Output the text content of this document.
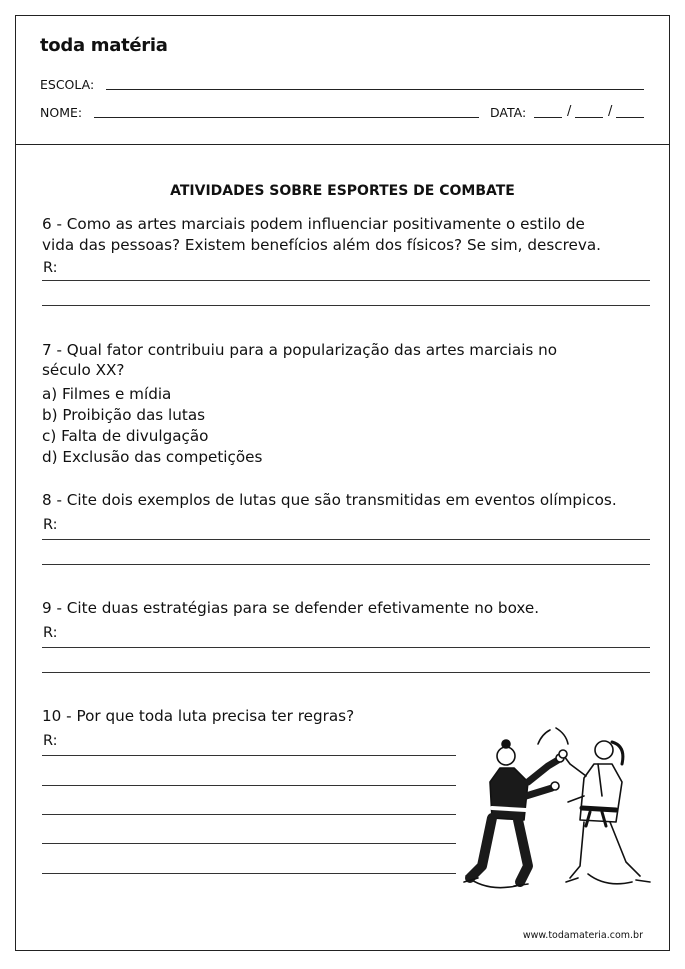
toda matéria
ESCOLA:
NOME:	DATA:	/	/
ATIVIDADES SOBRE ESPORTES DE COMBATE
6 - Como as artes marciais podem influenciar positivamente o estilo de
vida das pessoas? Existem benefícios além dos físicos? Se sim, descreva.
R:
7 - Qual fator contribuiu para a popularização das artes marciais no
século XX?
a) Filmes e mídia
b) Proibição das lutas
c) Falta de divulgação
d) Exclusão das competições
8 - Cite dois exemplos de lutas que são transmitidas em eventos olímpicos.
R:
9 - Cite duas estratégias para se defender efetivamente no boxe.
R:
10 - Por que toda luta precisa ter regras?
R:
www.todamateria.com.br
